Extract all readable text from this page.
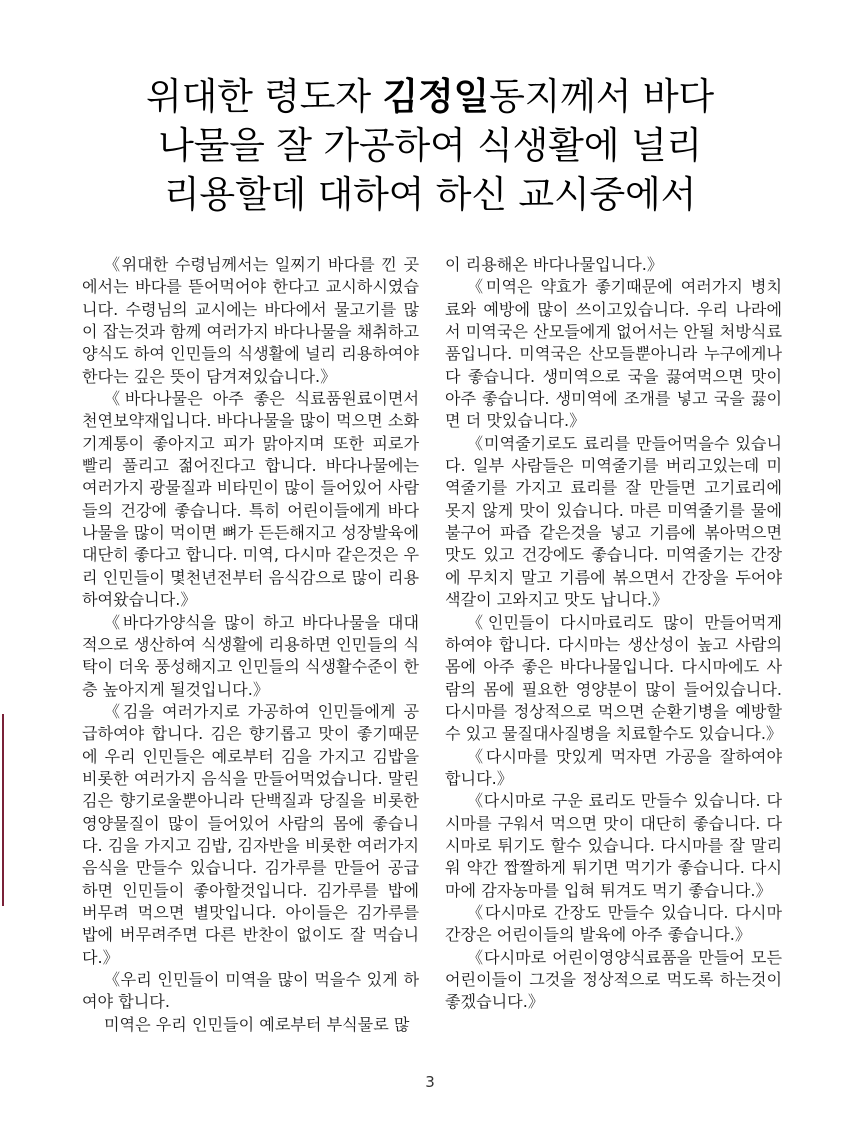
위대한 령도자 김정일동지께서 바다
나물을 잘 가공하여 식생활에 널리
리용할데 대하여 하신 교시중에서

《위대한 수령님께서는 일찌기 바다를 낀 곳에서는 바다를 뜯어먹어야 한다고 교시하시였습니다. 수령님의 교시에는 바다에서 물고기를 많이 잡는것과 함께 여러가지 바다나물을 채취하고 양식도 하여 인민들의 식생활에 널리 리용하여야 한다는 깊은 뜻이 담겨져있습니다.》

《바다나물은 아주 좋은 식료품원료이면서 천연보약재입니다. 바다나물을 많이 먹으면 소화기계통이 좋아지고 피가 맑아지며 또한 피로가 빨리 풀리고 젊어진다고 합니다. 바다나물에는 여러가지 광물질과 비타민이 많이 들어있어 사람들의 건강에 좋습니다. 특히 어린이들에게 바다나물을 많이 먹이면 뼈가 든든해지고 성장발육에 대단히 좋다고 합니다. 미역, 다시마 같은것은 우리 인민들이 몇천년전부터 음식감으로 많이 리용하여왔습니다.》

《바다가양식을 많이 하고 바다나물을 대대적으로 생산하여 식생활에 리용하면 인민들의 식탁이 더욱 풍성해지고 인민들의 식생활수준이 한층 높아지게 될것입니다.》

《김을 여러가지로 가공하여 인민들에게 공급하여야 합니다. 김은 향기롭고 맛이 좋기때문에 우리 인민들은 예로부터 김을 가지고 김밥을 비롯한 여러가지 음식을 만들어먹었습니다. 말린 김은 향기로울뿐아니라 단백질과 당질을 비롯한 영양물질이 많이 들어있어 사람의 몸에 좋습니다. 김을 가지고 김밥, 김자반을 비롯한 여러가지 음식을 만들수 있습니다. 김가루를 만들어 공급하면 인민들이 좋아할것입니다. 김가루를 밥에 버무려 먹으면 별맛입니다. 아이들은 김가루를 밥에 버무려주면 다른 반찬이 없이도 잘 먹습니다.》

《우리 인민들이 미역을 많이 먹을수 있게 하여야 합니다.

미역은 우리 인민들이 예로부터 부식물로 많

이 리용해온 바다나물입니다.》

《미역은 약효가 좋기때문에 여러가지 병치료와 예방에 많이 쓰이고있습니다. 우리 나라에서 미역국은 산모들에게 없어서는 안될 처방식료품입니다. 미역국은 산모들뿐아니라 누구에게나 다 좋습니다. 생미역으로 국을 끓여먹으면 맛이 아주 좋습니다. 생미역에 조개를 넣고 국을 끓이면 더 맛있습니다.》

《미역줄기로도 료리를 만들어먹을수 있습니다. 일부 사람들은 미역줄기를 버리고있는데 미역줄기를 가지고 료리를 잘 만들면 고기료리에 못지 않게 맛이 있습니다. 마른 미역줄기를 물에 불구어 파즙 같은것을 넣고 기름에 볶아먹으면 맛도 있고 건강에도 좋습니다. 미역줄기는 간장에 무치지 말고 기름에 볶으면서 간장을 두어야 색갈이 고와지고 맛도 납니다.》

《인민들이 다시마료리도 많이 만들어먹게 하여야 합니다. 다시마는 생산성이 높고 사람의 몸에 아주 좋은 바다나물입니다. 다시마에도 사람의 몸에 필요한 영양분이 많이 들어있습니다. 다시마를 정상적으로 먹으면 순환기병을 예방할수 있고 물질대사질병을 치료할수도 있습니다.》

《다시마를 맛있게 먹자면 가공을 잘하여야 합니다.》

《다시마로 구운 료리도 만들수 있습니다. 다시마를 구워서 먹으면 맛이 대단히 좋습니다. 다시마로 튀기도 할수 있습니다. 다시마를 잘 말리워 약간 짭짤하게 튀기면 먹기가 좋습니다. 다시마에 감자농마를 입혀 튀겨도 먹기 좋습니다.》

《다시마로 간장도 만들수 있습니다. 다시마간장은 어린이들의 발육에 아주 좋습니다.》

《다시마로 어린이영양식료품을 만들어 모든 어린이들이 그것을 정상적으로 먹도록 하는것이 좋겠습니다.》

3
